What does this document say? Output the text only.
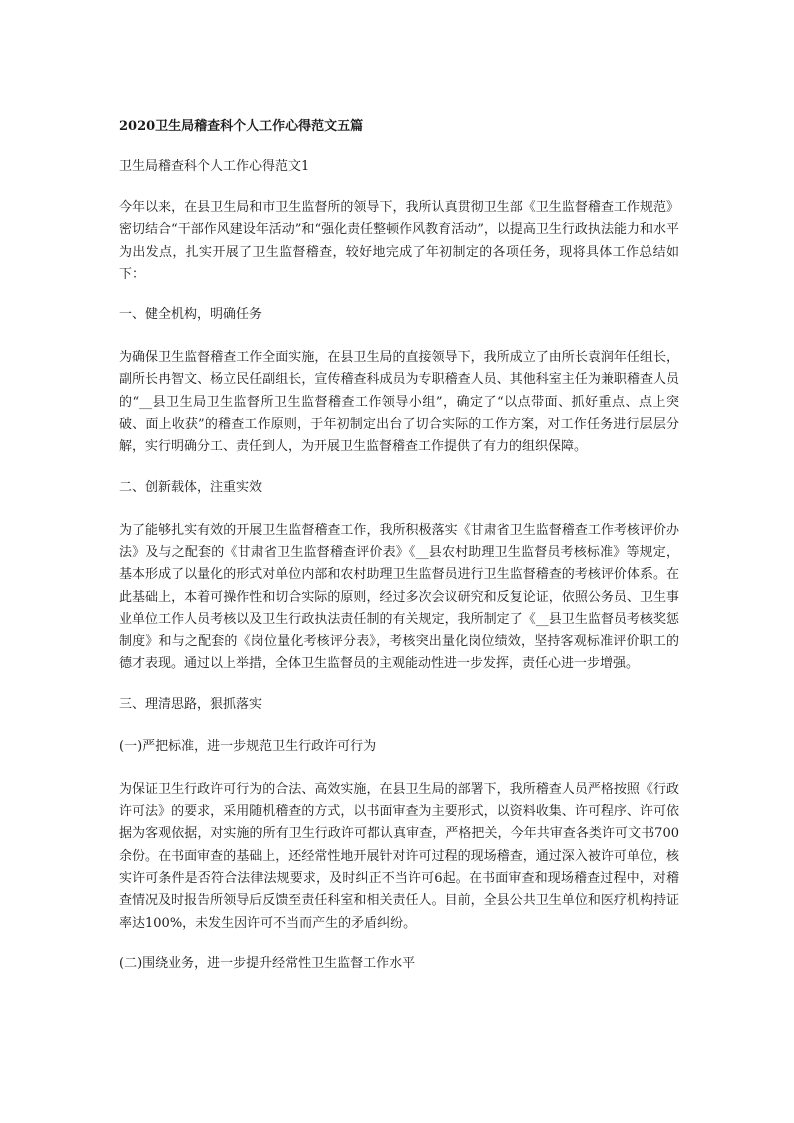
2020卫生局稽查科个人工作心得范文五篇
卫生局稽查科个人工作心得范文1
今年以来，在县卫生局和市卫生监督所的领导下，我所认真贯彻卫生部《卫生监督稽查工作规范》密切结合“干部作风建设年活动”和“强化责任整顿作风教育活动”，以提高卫生行政执法能力和水平为出发点，扎实开展了卫生监督稽查，较好地完成了年初制定的各项任务，现将具体工作总结如下：
一、健全机构，明确任务
为确保卫生监督稽查工作全面实施，在县卫生局的直接领导下，我所成立了由所长袁润年任组长，副所长冉智文、杨立民任副组长，宣传稽查科成员为专职稽查人员、其他科室主任为兼职稽查人员的“__县卫生局卫生监督所卫生监督稽查工作领导小组”，确定了“以点带面、抓好重点、点上突破、面上收获”的稽查工作原则，于年初制定出台了切合实际的工作方案，对工作任务进行层层分解，实行明确分工、责任到人，为开展卫生监督稽查工作提供了有力的组织保障。
二、创新载体，注重实效
为了能够扎实有效的开展卫生监督稽查工作，我所积极落实《甘肃省卫生监督稽查工作考核评价办法》及与之配套的《甘肃省卫生监督稽查评价表》《__县农村助理卫生监督员考核标准》等规定，基本形成了以量化的形式对单位内部和农村助理卫生监督员进行卫生监督稽查的考核评价体系。在此基础上，本着可操作性和切合实际的原则，经过多次会议研究和反复论证，依照公务员、卫生事业单位工作人员考核以及卫生行政执法责任制的有关规定，我所制定了《__县卫生监督员考核奖惩制度》和与之配套的《岗位量化考核评分表》，考核突出量化岗位绩效，坚持客观标准评价职工的德才表现。通过以上举措，全体卫生监督员的主观能动性进一步发挥，责任心进一步增强。
三、理清思路，狠抓落实
(一)严把标准，进一步规范卫生行政许可行为
为保证卫生行政许可行为的合法、高效实施，在县卫生局的部署下，我所稽查人员严格按照《行政许可法》的要求，采用随机稽查的方式，以书面审查为主要形式，以资料收集、许可程序、许可依据为客观依据，对实施的所有卫生行政许可都认真审查，严格把关，今年共审查各类许可文书700余份。在书面审查的基础上，还经常性地开展针对许可过程的现场稽查，通过深入被许可单位，核实许可条件是否符合法律法规要求，及时纠正不当许可6起。在书面审查和现场稽查过程中，对稽查情况及时报告所领导后反馈至责任科室和相关责任人。目前，全县公共卫生单位和医疗机构持证率达100%，未发生因许可不当而产生的矛盾纠纷。
(二)围绕业务，进一步提升经常性卫生监督工作水平
